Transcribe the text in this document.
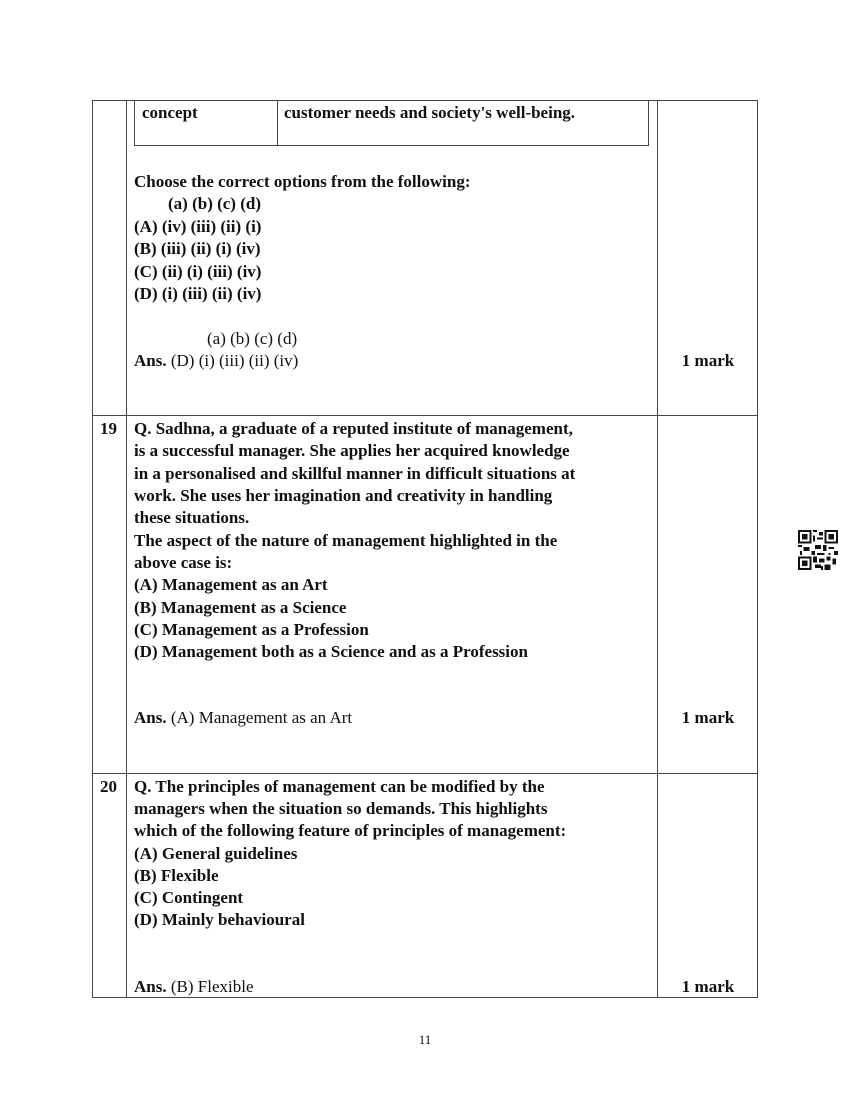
concept	customer needs and society's well-being.
Choose the correct options from the following:
(a) (b) (c) (d)
(A) (iv) (iii) (ii) (i)
(B) (iii) (ii) (i) (iv)
(C) (ii) (i) (iii) (iv)
(D) (i) (iii) (ii) (iv)
(a) (b) (c) (d)
Ans. (D) (i) (iii) (ii) (iv)	1 mark
19 Q. Sadhna, a graduate of a reputed institute of management,
is a successful manager. She applies her acquired knowledge
in a personalised and skillful manner in difficult situations at
work. She uses her imagination and creativity in handling
these situations.
The aspect of the nature of management highlighted in the
above case is:
(A) Management as an Art
(B) Management as a Science
(C) Management as a Profession
(D) Management both as a Science and as a Profession
Ans. (A) Management as an Art	1 mark
20 Q. The principles of management can be modified by the
managers when the situation so demands. This highlights
which of the following feature of principles of management:
(A) General guidelines
(B) Flexible
(C) Contingent
(D) Mainly behavioural
Ans. (B) Flexible	1 mark
11
